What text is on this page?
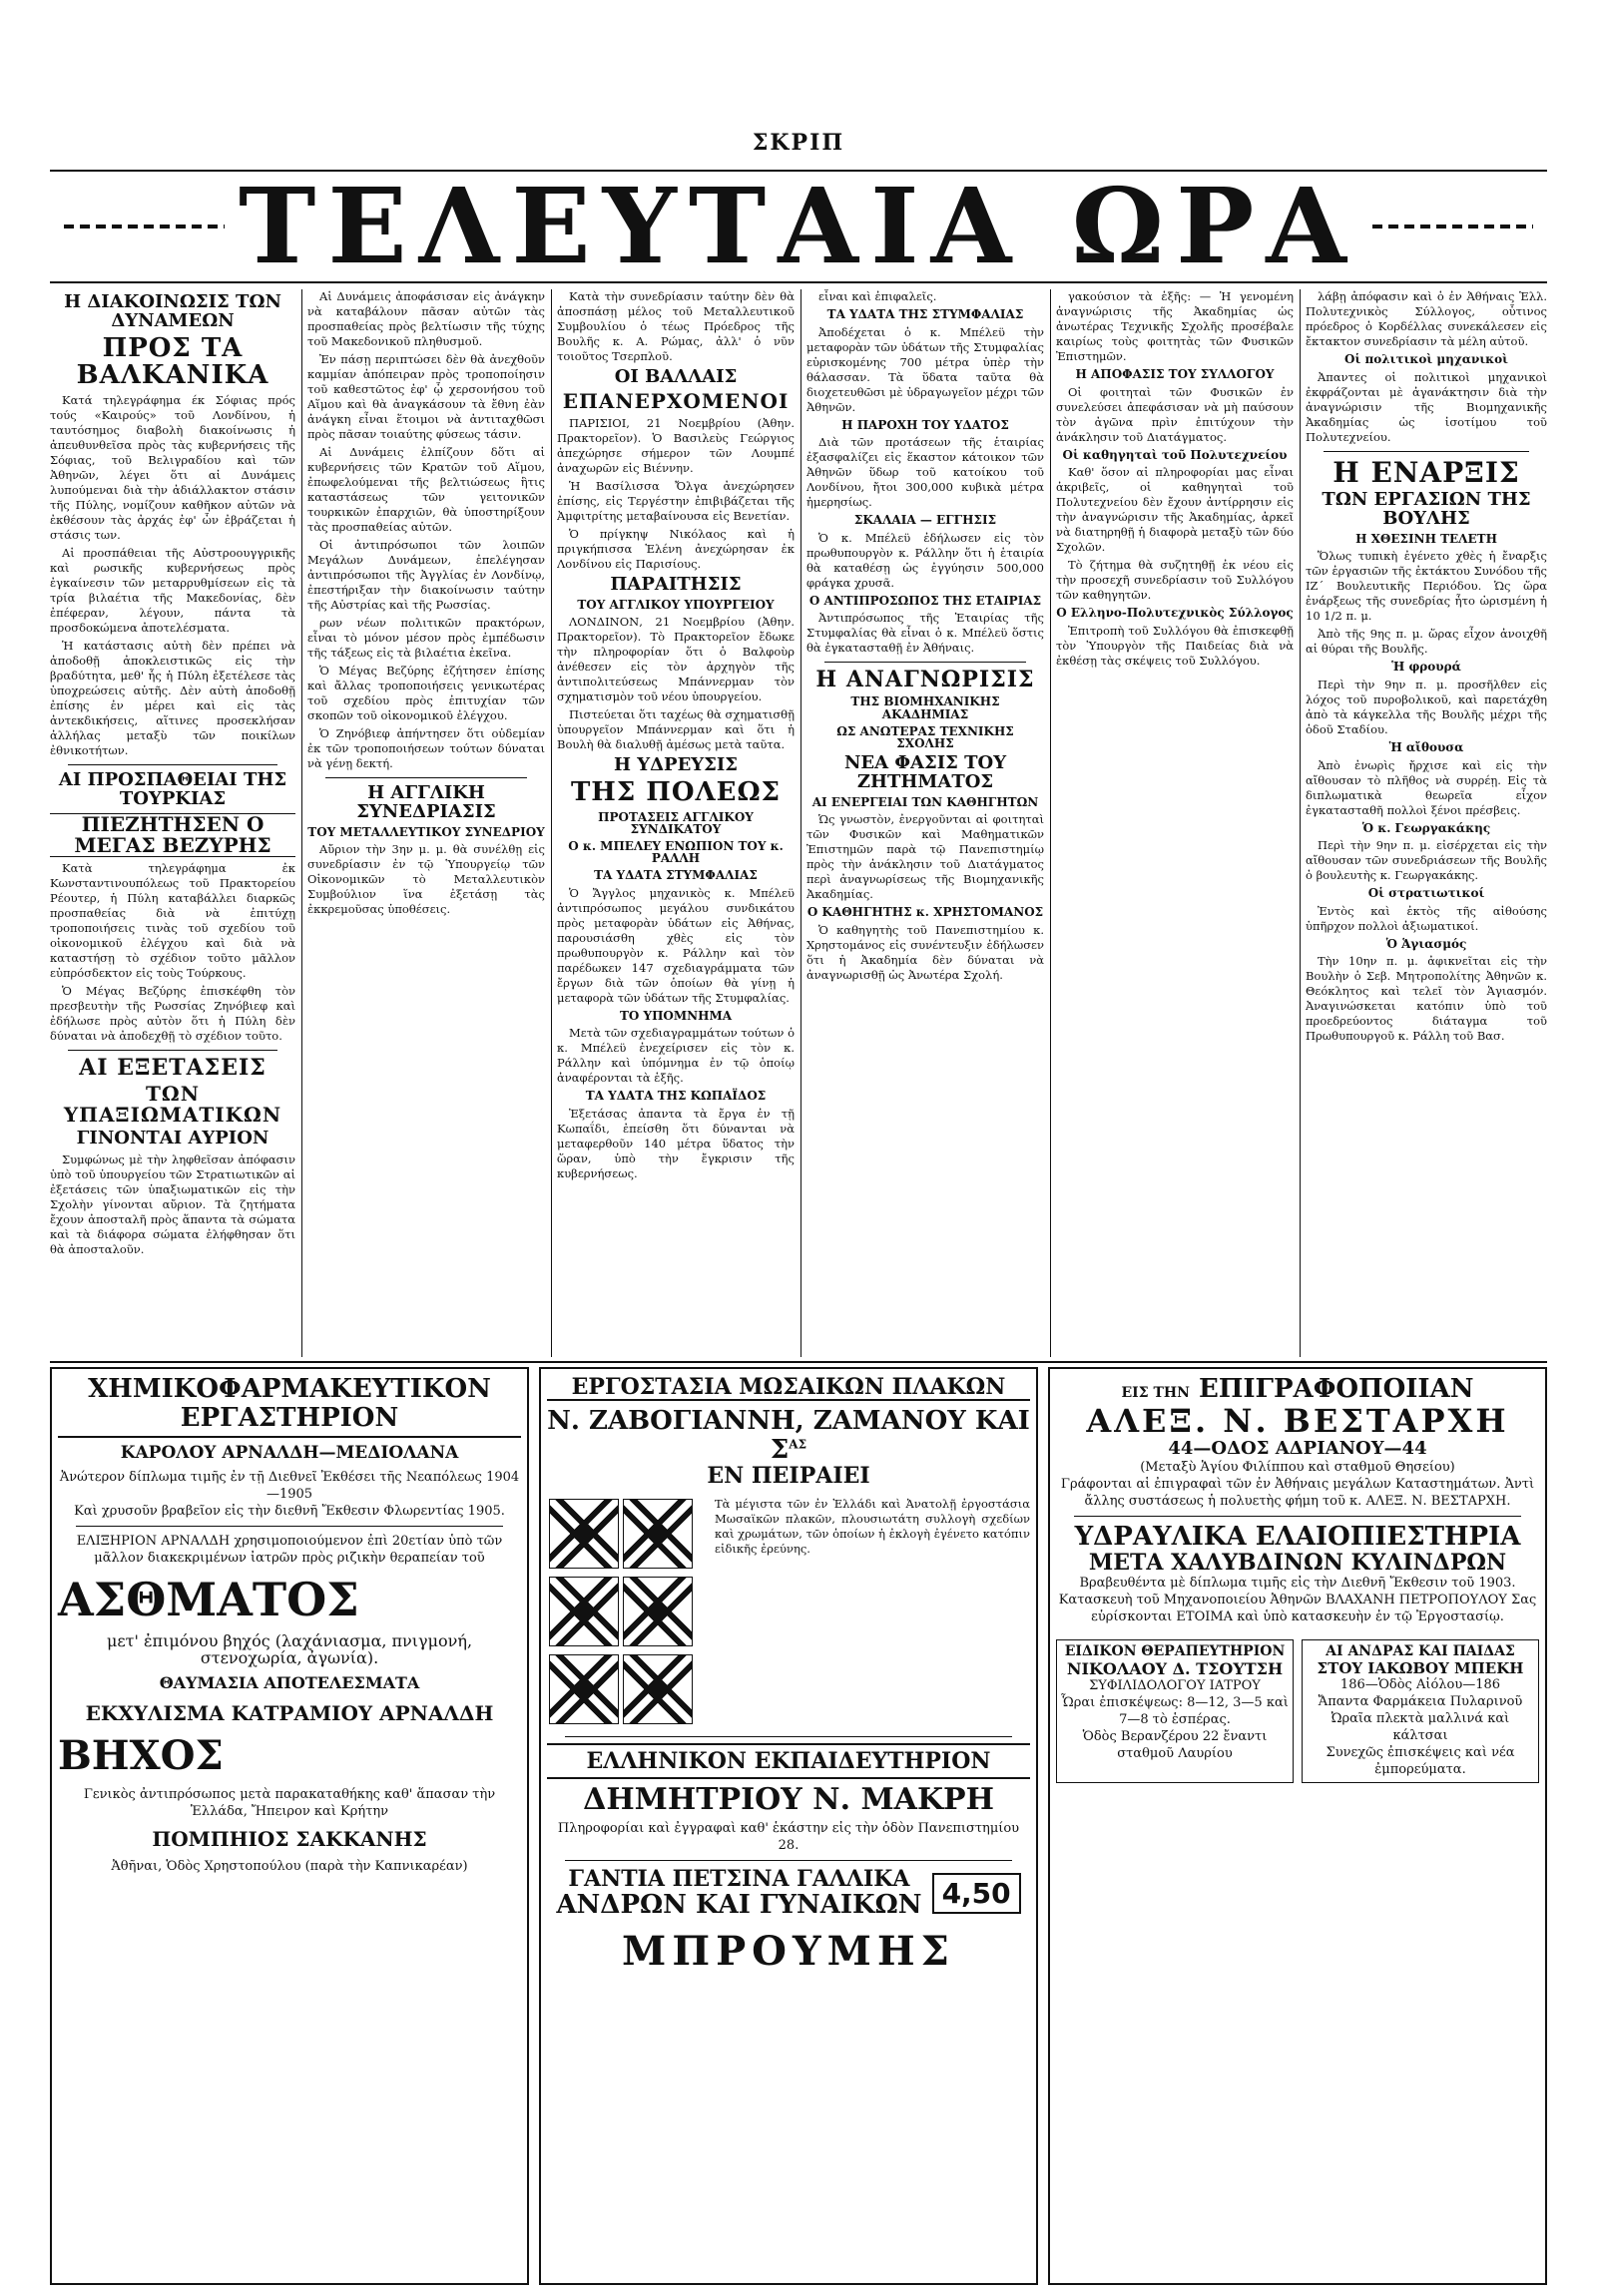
ΣΚΡΙΠ
ΤΕΛΕΥΤΑΙΑ ΩΡΑ
Η ΔΙΑΚΟΙΝΩΣΙΣ ΤΩΝ ΔΥΝΑΜΕΩΝ
ΠΡΟΣ ΤΑ ΒΑΛΚΑΝΙΚΑ

Κατά τηλεγράφημα έκ Σόφιας πρός τούς «Καιρούς» τοῦ Λονδίνου, ἡ ταυτόσημος διαβολὴ διακοίνωσις ἡ ἀπευθυνθεῖσα πρὸς τὰς κυβερνήσεις τῆς Σόφιας, τοῦ Βελιγραδίου καὶ τῶν Ἀθηνῶν, λέγει ὅτι αἱ Δυνάμεις λυπούμεναι διὰ τὴν ἀδιάλλακτον στάσιν τῆς Πύλης, νομίζουν καθῆκον αὐτῶν νὰ ἐκθέσουν τὰς ἀρχάς ἐφ' ὧν ἐβράζεται ἡ στάσις των.

Αἱ προσπάθειαι τῆς Αὐστροουγγρικῆς καὶ ρωσικῆς κυβερνήσεως πρὸς ἐγκαίνεσιν τῶν μεταρρυθμίσεων εἰς τὰ τρία βιλαέτια τῆς Μακεδονίας, δὲν ἐπέφεραν, λέγουν, πάντα τὰ προσδοκώμενα ἀποτελέσματα.

Ἡ κατάστασις αὐτὴ δὲν πρέπει νὰ ἀποδοθῇ ἀποκλειστικῶς εἰς τὴν βραδύτητα, μεθ' ἧς ἡ Πύλη ἐξετέλεσε τὰς ὑποχρεώσεις αὐτῆς. Δὲν αὐτὴ ἀποδοθῇ ἐπίσης ἐν μέρει καὶ εἰς τὰς ἀντεκδικήσεις, αἵτινες προσεκλήσαν ἀλλήλας μεταξὺ τῶν ποικίλων ἐθνικοτήτων.

ΑΙ ΠΡΟΣΠΑΘΕΙΑΙ ΤΗΣ ΤΟΥΡΚΙΑΣ
ΠΙΕΖΗΤΗΣΕΝ Ο ΜΕΓΑΣ ΒΕΖΥΡΗΣ

Κατὰ τηλεγράφημα ἐκ Κωνσταντινουπόλεως τοῦ Πρακτορείου Ρέουτερ, ἡ Πύλη καταβάλλει διαρκῶς προσπαθείας διὰ νὰ ἐπιτύχῃ τροποποιήσεις τινὰς τοῦ σχεδίου τοῦ οἰκονομικοῦ ἐλέγχου καὶ διὰ νὰ καταστήσῃ τὸ σχέδιον τοῦτο μᾶλλον εὐπρόσδεκτον εἰς τοὺς Τούρκους.

Ὁ Μέγας Βεζύρης ἐπισκέφθη τὸν πρεσβευτὴν τῆς Ρωσσίας Ζηνόβιεφ καὶ ἐδήλωσε πρὸς αὐτὸν ὅτι ἡ Πύλη δὲν δύναται νὰ ἀποδεχθῇ τὸ σχέδιον τοῦτο.

ΑΙ ΕΞΕΤΑΣΕΙΣ
ΤΩΝ ΥΠΑΞΙΩΜΑΤΙΚΩΝ
ΓΙΝΟΝΤΑΙ ΑΥΡΙΟΝ

Συμφώνως μὲ τὴν ληφθεῖσαν ἀπόφασιν ὑπὸ τοῦ ὑπουργείου τῶν Στρατιωτικῶν αἱ ἐξετάσεις τῶν ὑπαξιωματικῶν εἰς τὴν Σχολὴν γίνονται αὔριον. Τὰ ζητήματα ἔχουν ἀποσταλῆ πρὸς ἅπαντα τὰ σώματα καὶ τὰ διάφορα σώματα ἐλήφθησαν ὅτι θὰ ἀποσταλοῦν.

Αἱ Δυνάμεις ἀποφάσισαν εἰς ἀνάγκην νὰ καταβάλουν πᾶσαν αὐτῶν τὰς προσπαθείας πρὸς βελτίωσιν τῆς τύχης τοῦ Μακεδονικοῦ πληθυσμοῦ.

Ἐν πάσῃ περιπτώσει δὲν θὰ ἀνεχθοῦν καμμίαν ἀπόπειραν πρὸς τροποποίησιν τοῦ καθεστῶτος ἐφ' ᾧ χερσονήσου τοῦ Αἵμου καὶ θὰ ἀναγκάσουν τὰ ἔθνη ἐὰν ἀνάγκη εἶναι ἕτοιμοι νὰ ἀντιταχθῶσι πρὸς πᾶσαν τοιαύτης φύσεως τάσιν.

Αἱ Δυνάμεις ἐλπίζουν δὅτι αἱ κυβερνήσεις τῶν Κρατῶν τοῦ Αἵμου, ἐπωφελούμεναι τῆς βελτιώσεως ἣτις καταστάσεως τῶν γειτονικῶν τουρκικῶν ἐπαρχιῶν, θὰ ὑποστηρίξουν τὰς προσπαθείας αὐτῶν.

Οἱ ἀντιπρόσωποι τῶν λοιπῶν Μεγάλων Δυνάμεων, ἐπελέγησαν ἀντιπρόσωποι τῆς Ἀγγλίας ἐν Λονδίνῳ, ἐπεστήριξαν τὴν διακοίνωσιν ταύτην τῆς Αὐστρίας καὶ τῆς Ρωσσίας.

ρων νέων πολιτικῶν πρακτόρων, εἶναι τὸ μόνον μέσον πρὸς ἐμπέδωσιν τῆς τάξεως εἰς τὰ βιλαέτια ἐκεῖνα.

Ὁ Μέγας Βεζύρης ἐζήτησεν ἐπίσης καὶ ἄλλας τροποποιήσεις γενικωτέρας τοῦ σχεδίου πρὸς ἐπιτυχίαν τῶν σκοπῶν τοῦ οἰκονομικοῦ ἐλέγχου.

Ὁ Ζηνόβιεφ ἀπήντησεν ὅτι οὐδεμίαν ἐκ τῶν τροποποιήσεων τούτων δύναται νὰ γένῃ δεκτή.

Η ΑΓΓΛΙΚΗ ΣΥΝΕΔΡΙΑΣΙΣ
ΤΟΥ ΜΕΤΑΛΛΕΥΤΙΚΟΥ ΣΥΝΕΔΡΙΟΥ

Αὔριον τὴν 3ην μ. μ. θὰ συνέλθῃ εἰς συνεδρίασιν ἐν τῷ Ὑπουργείῳ τῶν Οἰκονομικῶν τὸ Μεταλλευτικὸν Συμβούλιον ἵνα ἐξετάσῃ τὰς ἐκκρεμοῦσας ὑποθέσεις.

Κατὰ τὴν συνεδρίασιν ταύτην δὲν θὰ ἀποσπάσῃ μέλος τοῦ Μεταλλευτικοῦ Συμβουλίου ὁ τέως Πρόεδρος τῆς Βουλῆς κ. Α. Ρώμας, ἀλλ' ὁ νῦν τοιοῦτος Τσερπλοῦ.

ΟΙ ΒΑΛΛΑΙΣ
ΕΠΑΝΕΡΧΟΜΕΝΟΙ

ΠΑΡΙΣΙΟΙ, 21 Νοεμβρίου (Ἀθην. Πρακτορεῖον). Ὁ Βασιλεὺς Γεώργιος ἀπεχώρησε σήμερον τῶν Λουμπέ ἀναχωρῶν εἰς Βιέννην.

Ἡ Βασίλισσα Ὄλγα ἀνεχώρησεν ἐπίσης, εἰς Τεργέστην ἐπιβιβάζεται τῆς Ἀμφιτρίτης μεταβαίνουσα εἰς Βενετίαν.

Ὁ πρίγκηψ Νικόλαος καὶ ἡ πριγκήπισσα Ἑλένη ἀνεχώρησαν ἐκ Λονδίνου εἰς Παρισίους.

ΠΑΡΑΙΤΗΣΙΣ
ΤΟΥ ΑΓΓΛΙΚΟΥ ΥΠΟΥΡΓΕΙΟΥ

ΛΟΝΔΙΝΟΝ, 21 Νοεμβρίου (Ἀθην. Πρακτορεῖον). Τὸ Πρακτορεῖον ἔδωκε τὴν πληροφορίαν ὅτι ὁ Βαλφοὺρ ἀνέθεσεν εἰς τὸν ἀρχηγὸν τῆς ἀντιπολιτεύσεως Μπάννερμαν τὸν σχηματισμὸν τοῦ νέου ὑπουργείου.

Πιστεύεται ὅτι ταχέως θὰ σχηματισθῇ ὑπουργεῖον Μπάννερμαν καὶ ὅτι ἡ Βουλὴ θὰ διαλυθῇ ἀμέσως μετὰ ταῦτα.

Η ΥΔΡΕΥΣΙΣ
ΤΗΣ ΠΟΛΕΩΣ
ΠΡΟΤΑΣΕΙΣ ΑΓΓΛΙΚΟΥ ΣΥΝΔΙΚΑΤΟΥ
Ο κ. ΜΠΕΛΕΥ ΕΝΩΠΙΟΝ ΤΟΥ κ. ΡΑΛΛΗ
ΤΑ ΥΔΑΤΑ ΣΤΥΜΦΑΛΙΑΣ

Ὁ Ἄγγλος μηχανικὸς κ. Μπέλεϋ ἀντιπρόσωπος μεγάλου συνδικάτου πρὸς μεταφορὰν ὑδάτων εἰς Ἀθήνας, παρουσιάσθη χθὲς εἰς τὸν πρωθυπουργὸν κ. Ράλλην καὶ τὸν παρέδωκεν 147 σχεδιαγράμματα τῶν ἔργων διὰ τῶν ὁποίων θὰ γίνῃ ἡ μεταφορὰ τῶν ὑδάτων τῆς Στυμφαλίας.

ΤΟ ΥΠΟΜΝΗΜΑ

Μετὰ τῶν σχεδιαγραμμάτων τούτων ὁ κ. Μπέλεϋ ἐνεχείρισεν εἰς τὸν κ. Ράλλην καὶ ὑπόμνημα ἐν τῷ ὁποίῳ ἀναφέρονται τὰ ἑξῆς.

ΤΑ ΥΔΑΤΑ ΤΗΣ ΚΩΠΑΪΔΟΣ

Ἐξετάσας ἀπαντα τὰ ἔργα ἐν τῇ Κωπαΐδι, ἐπείσθη ὅτι δύνανται νὰ μεταφερθοῦν 140 μέτρα ὕδατος τὴν ὥραν, ὑπὸ τὴν ἔγκρισιν τῆς κυβερνήσεως.

εἶναι καὶ ἐπιφαλεῖς.

ΤΑ ΥΔΑΤΑ ΤΗΣ ΣΤΥΜΦΑΛΙΑΣ

Ἀποδέχεται ὁ κ. Μπέλεϋ τὴν μεταφορὰν τῶν ὑδάτων τῆς Στυμφαλίας εὑρισκομένης 700 μέτρα ὑπὲρ τὴν θάλασσαν. Τὰ ὕδατα ταῦτα θὰ διοχετευθῶσι μὲ ὑδραγωγεῖον μέχρι τῶν Ἀθηνῶν.

Η ΠΑΡΟΧΗ ΤΟΥ ΥΔΑΤΟΣ

Διὰ τῶν προτάσεων τῆς ἑταιρίας ἐξασφαλίζει εἰς ἕκαστον κάτοικον τῶν Ἀθηνῶν ὕδωρ τοῦ κατοίκου τοῦ Λονδίνου, ἤτοι 300,000 κυβικὰ μέτρα ἡμερησίως.

ΣΚΑΛΑΙΑ — ΕΓΓΗΣΙΣ

Ὁ κ. Μπέλεϋ ἐδήλωσεν εἰς τὸν πρωθυπουργὸν κ. Ράλλην ὅτι ἡ ἑταιρία θὰ καταθέσῃ ὡς ἐγγύησιν 500,000 φράγκα χρυσᾶ.

Ο ΑΝΤΙΠΡΟΣΩΠΟΣ ΤΗΣ ΕΤΑΙΡΙΑΣ

Ἀντιπρόσωπος τῆς Ἑταιρίας τῆς Στυμφαλίας θὰ εἶναι ὁ κ. Μπέλεϋ ὅστις θὰ ἐγκατασταθῇ ἐν Ἀθήναις.

Η ΑΝΑΓΝΩΡΙΣΙΣ
ΤΗΣ ΒΙΟΜΗΧΑΝΙΚΗΣ ΑΚΑΔΗΜΙΑΣ
ΩΣ ΑΝΩΤΕΡΑΣ ΤΕΧΝΙΚΗΣ ΣΧΟΛΗΣ
ΝΕΑ ΦΑΣΙΣ ΤΟΥ ΖΗΤΗΜΑΤΟΣ
ΑΙ ΕΝΕΡΓΕΙΑΙ ΤΩΝ ΚΑΘΗΓΗΤΩΝ

Ὡς γνωστὸν, ἐνεργοῦνται αἱ φοιτηταὶ τῶν Φυσικῶν καὶ Μαθηματικῶν Ἐπιστημῶν παρὰ τῷ Πανεπιστημίῳ πρὸς τὴν ἀνάκλησιν τοῦ Διατάγματος περὶ ἀναγνωρίσεως τῆς Βιομηχανικῆς Ἀκαδημίας.

Ο ΚΑΘΗΓΗΤΗΣ κ. ΧΡΗΣΤΟΜΑΝΟΣ

Ὁ καθηγητὴς τοῦ Πανεπιστημίου κ. Χρηστομάνος εἰς συνέντευξιν ἐδήλωσεν ὅτι ἡ Ἀκαδημία δὲν δύναται νὰ ἀναγνωρισθῇ ὡς Ἀνωτέρα Σχολή.

γακούσιον τὰ ἑξῆς: — Ἡ γενομένη ἀναγνώρισις τῆς Ἀκαδημίας ὡς ἀνωτέρας Τεχνικῆς Σχολῆς προσέβαλε καιρίως τοὺς φοιτητὰς τῶν Φυσικῶν Ἐπιστημῶν.

Η ΑΠΟΦΑΣΙΣ ΤΟΥ ΣΥΛΛΟΓΟΥ

Οἱ φοιτηταὶ τῶν Φυσικῶν ἐν συνελεύσει ἀπεφάσισαν νὰ μὴ παύσουν τὸν ἀγῶνα πρὶν ἐπιτύχουν τὴν ἀνάκλησιν τοῦ Διατάγματος.

Οἱ καθηγηταὶ τοῦ Πολυτεχνείου

Καθ' ὅσον αἱ πληροφορίαι μας εἶναι ἀκριβεῖς, οἱ καθηγηταὶ τοῦ Πολυτεχνείου δὲν ἔχουν ἀντίρρησιν εἰς τὴν ἀναγνώρισιν τῆς Ἀκαδημίας, ἀρκεῖ νὰ διατηρηθῇ ἡ διαφορὰ μεταξὺ τῶν δύο Σχολῶν.

Τὸ ζήτημα θὰ συζητηθῇ ἐκ νέου εἰς τὴν προσεχῆ συνεδρίασιν τοῦ Συλλόγου τῶν καθηγητῶν.

Ο Ελληνο-Πολυτεχνικὸς Σύλλογος

Ἐπιτροπὴ τοῦ Συλλόγου θὰ ἐπισκεφθῇ τὸν Ὑπουργὸν τῆς Παιδείας διὰ νὰ ἐκθέσῃ τὰς σκέψεις τοῦ Συλλόγου.

λάβῃ ἀπόφασιν καὶ ὁ ἐν Ἀθήναις Ἑλλ. Πολυτεχνικὸς Σύλλογος, οὗτινος πρόεδρος ὁ Κορδέλλας συνεκάλεσεν εἰς ἔκτακτον συνεδρίασιν τὰ μέλη αὐτοῦ.

Οἱ πολιτικοὶ μηχανικοὶ

Ἀπαντες οἱ πολιτικοὶ μηχανικοὶ ἐκφράζονται μὲ ἀγανάκτησιν διὰ τὴν ἀναγνώρισιν τῆς Βιομηχανικῆς Ἀκαδημίας ὡς ἰσοτίμου τοῦ Πολυτεχνείου.

Η ΕΝΑΡΞΙΣ
ΤΩΝ ΕΡΓΑΣΙΩΝ ΤΗΣ ΒΟΥΛΗΣ
Η ΧΘΕΣΙΝΗ ΤΕΛΕΤΗ

Ὅλως τυπικὴ ἐγένετο χθὲς ἡ ἔναρξις τῶν ἐργασιῶν τῆς ἐκτάκτου Συνόδου τῆς ΙΖ΄ Βουλευτικῆς Περιόδου. Ὡς ὥρα ἐνάρξεως τῆς συνεδρίας ἦτο ὡρισμένη ἡ 10 1/2 π. μ.

Ἀπὸ τῆς 9ης π. μ. ὥρας εἶχον ἀνοιχθῆ αἱ θύραι τῆς Βουλῆς.

Ἡ φρουρά

Περὶ τὴν 9ην π. μ. προσῆλθεν εἰς λόχος τοῦ πυροβολικοῦ, καὶ παρετάχθη ἀπὸ τὰ κάγκελλα τῆς Βουλῆς μέχρι τῆς ὁδοῦ Σταδίου.

Ἡ αἴθουσα

Ἀπὸ ἐνωρὶς ἤρχισε καὶ εἰς τὴν αἴθουσαν τὸ πλῆθος νὰ συρρέῃ. Εἰς τὰ διπλωματικὰ θεωρεῖα εἶχον ἐγκατασταθῆ πολλοὶ ξένοι πρέσβεις.

Ὁ κ. Γεωργακάκης

Περὶ τὴν 9ην π. μ. εἰσέρχεται εἰς τὴν αἴθουσαν τῶν συνεδριάσεων τῆς Βουλῆς ὁ βουλευτὴς κ. Γεωργακάκης.

Οἱ στρατιωτικοί

Ἐντὸς καὶ ἐκτὸς τῆς αἰθούσης ὑπῆρχον πολλοὶ ἀξιωματικοί.

Ὁ Ἁγιασμός

Τὴν 10ην π. μ. ἀφικνεῖται εἰς τὴν Βουλὴν ὁ Σεβ. Μητροπολίτης Ἀθηνῶν κ. Θεόκλητος καὶ τελεῖ τὸν Ἁγιασμόν. Ἀναγινώσκεται κατόπιν ὑπὸ τοῦ προεδρεύοντος διάταγμα τοῦ Πρωθυπουργοῦ κ. Ράλλη τοῦ Βασ.

ΧΗΜΙΚΟΦΑΡΜΑΚΕΥΤΙΚΟΝ ΕΡΓΑΣΤΗΡΙΟΝ
ΚΑΡΟΛΟΥ ΑΡΝΑΛΔΗ—ΜΕΔΙΟΛΑΝΑ
Ἀνώτερον δίπλωμα τιμῆς ἐν τῇ Διεθνεῖ Ἐκθέσει τῆς Νεαπόλεως 1904—1905
Καὶ χρυσοῦν βραβεῖον εἰς τὴν διεθνῆ Ἔκθεσιν Φλωρεντίας 1905.
ΕΛΙΞΗΡΙΟΝ ΑΡΝΑΛΔΗ χρησιμοποιούμενον ἐπὶ 20ετίαν ὑπὸ τῶν μᾶλλον διακεκριμένων ἰατρῶν πρὸς ριζικὴν θεραπείαν τοῦ
ΑΣΘΜΑΤΟΣ
μετ' ἐπιμόνου βηχός (λαχάνιασμα, πνιγμονή, στενοχωρία, ἀγωνία).
ΘΑΥΜΑΣΙΑ ΑΠΟΤΕΛΕΣΜΑΤΑ
ΕΚΧΥΛΙΣΜΑ ΚΑΤΡΑΜΙΟΥ ΑΡΝΑΛΔΗ
ΒΗΧΟΣ
Γενικὸς ἀντιπρόσωπος μετὰ παρακαταθήκης καθ' ἅπασαν τὴν Ἑλλάδα, Ἤπειρον καὶ Κρήτην
ΠΟΜΠΗΙΟΣ ΣΑΚΚΑΝΗΣ
Ἀθῆναι, Ὁδὸς Χρηστοπούλου (παρὰ τὴν Καπνικαρέαν)
ΕΡΓΟΣΤΑΣΙΑ ΜΩΣΑΙΚΩΝ ΠΛΑΚΩΝ
Ν. ΖΑΒΟΓΙΑΝΝΗ, ΖΑΜΑΝΟΥ ΚΑΙ $\Sigma^{A\Sigma}$
ΕΝ ΠΕΙΡΑΙΕΙ

Τὰ μέγιστα τῶν ἐν Ἑλλάδι καὶ Ἀνατολῇ ἐργοστάσια Μωσαϊκῶν πλακῶν, πλουσιωτάτη συλλογὴ σχεδίων καὶ χρωμάτων, τῶν ὁποίων ἡ ἐκλογὴ ἐγένετο κατόπιν εἰδικῆς ἐρεύνης.
ΕΛΛΗΝΙΚΟΝ ΕΚΠΑΙΔΕΥΤΗΡΙΟΝ
ΔΗΜΗΤΡΙΟΥ Ν. ΜΑΚΡΗ
Πληροφορίαι καὶ ἐγγραφαὶ καθ' ἑκάστην εἰς τὴν ὁδὸν Πανεπιστημίου 28.
ΓΑΝΤΙΑ ΠΕΤΣΙΝΑ ΓΑΛΛΙΚΑ
ΑΝΔΡΩΝ ΚΑΙ ΓΥΝΑΙΚΩΝ 4,50
ΜΠΡΟΥΜΗΣ
ΕΙΣ ΤΗΝ ΕΠΙΓΡΑΦΟΠΟΙΙΑΝ
ΑΛΕΞ. Ν. ΒΕΣΤΑΡΧΗ
44—ΟΔΟΣ ΑΔΡΙΑΝΟΥ—44
(Μεταξὺ Ἁγίου Φιλίππου καὶ σταθμοῦ Θησείου)
Γράφονται αἱ ἐπιγραφαὶ τῶν ἐν Ἀθήναις μεγάλων Καταστημάτων. Ἀντὶ ἄλλης συστάσεως ἡ πολυετὴς φήμη τοῦ κ. ΑΛΕΞ. Ν. ΒΕΣΤΑΡΧΗ.
ΥΔΡΑΥΛΙΚΑ ΕΛΑΙΟΠΙΕΣΤΗΡΙΑ
ΜΕΤΑ ΧΑΛΥΒΔΙΝΩΝ ΚΥΛΙΝΔΡΩΝ
Βραβευθέντα μὲ δίπλωμα τιμῆς εἰς τὴν Διεθνῆ Ἔκθεσιν τοῦ 1903. Κατασκευὴ τοῦ Μηχανοποιείου Ἀθηνῶν ΒΛΑΧΑΝΗ ΠΕΤΡΟΠΟΥΛΟΥ Σας
εὑρίσκονται ΕΤΟΙΜΑ καὶ ὑπὸ κατασκευὴν ἐν τῷ Ἐργοστασίῳ.
ΕΙΔΙΚΟΝ ΘΕΡΑΠΕΥΤΗΡΙΟΝ
ΝΙΚΟΛΑΟΥ Δ. ΤΣΟΥΤΣΗ
ΣΥΦΙΛΙΔΟΛΟΓΟΥ ΙΑΤΡΟΥ
Ὧραι ἐπισκέψεως: 8—12, 3—5 καὶ 7—8 τὸ ἑσπέρας.
Ὁδὸς Βερανζέρου 22 ἔναντι σταθμοῦ Λαυρίου
ΑΙ ΑΝΔΡΑΣ ΚΑΙ ΠΑΙΔΑΣ
ΣΤΟΥ ΙΑΚΩΒΟΥ ΜΠΕΚΗ
186—Ὁδὸς Αἰόλου—186
Ἄπαντα Φαρμάκεια Πυλαρινοῦ
Ὠραῖα πλεκτὰ μαλλινά καὶ κάλτσαι
Συνεχῶς ἐπισκέψεις καὶ νέα ἐμπορεύματα.
